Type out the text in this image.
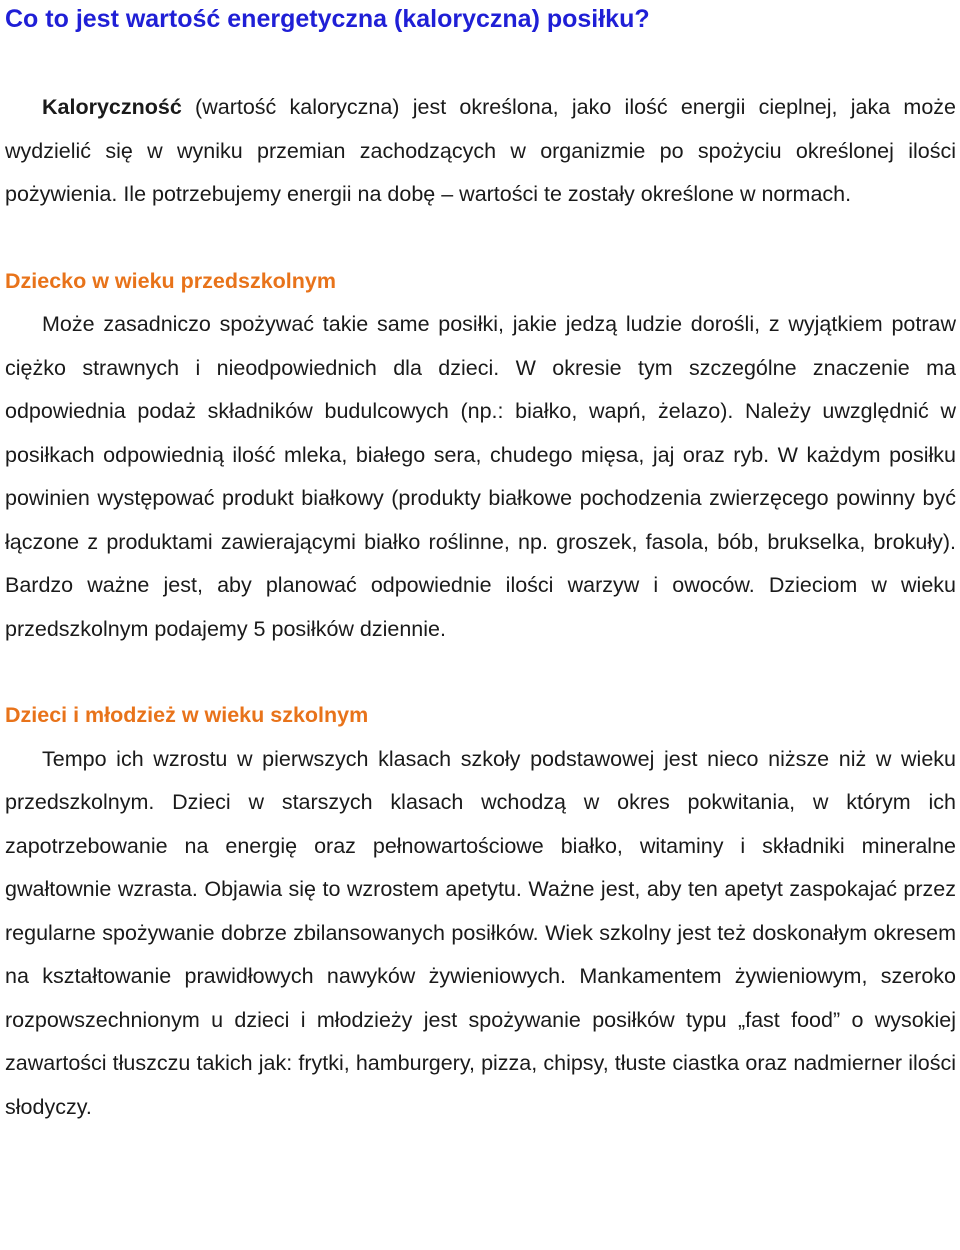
Co to jest wartość energetyczna (kaloryczna) posiłku?

Kaloryczność (wartość kaloryczna) jest określona, jako ilość energii cieplnej, jaka może wydzielić się w wyniku przemian zachodzących w organizmie po spożyciu określonej ilości pożywienia. Ile potrzebujemy energii na dobę – wartości te zostały określone w normach.

Dziecko w wieku przedszkolnym

Może zasadniczo spożywać takie same posiłki, jakie jedzą ludzie dorośli, z wyjątkiem potraw ciężko strawnych i nieodpowiednich dla dzieci. W okresie tym szczególne znaczenie ma odpowiednia podaż składników budulcowych (np.: białko, wapń, żelazo). Należy uwzględnić w posiłkach odpowiednią ilość mleka, białego sera, chudego mięsa, jaj oraz ryb. W każdym posiłku powinien występować produkt białkowy (produkty białkowe pochodzenia zwierzęcego powinny być łączone z produktami zawierającymi białko roślinne, np. groszek, fasola, bób, brukselka, brokuły). Bardzo ważne jest, aby planować odpowiednie ilości warzyw i owoców. Dzieciom w wieku przedszkolnym podajemy 5 posiłków dziennie.

Dzieci i młodzież w wieku szkolnym

Tempo ich wzrostu w pierwszych klasach szkoły podstawowej jest nieco niższe niż w wieku przedszkolnym. Dzieci w starszych klasach wchodzą w okres pokwitania, w którym ich zapotrzebowanie na energię oraz pełnowartościowe białko, witaminy i składniki mineralne gwałtownie wzrasta. Objawia się to wzrostem apetytu. Ważne jest, aby ten apetyt zaspokajać przez regularne spożywanie dobrze zbilansowanych posiłków. Wiek szkolny jest też doskonałym okresem na kształtowanie prawidłowych nawyków żywieniowych. Mankamentem żywieniowym, szeroko rozpowszechnionym u dzieci i młodzieży jest spożywanie posiłków typu „fast food” o wysokiej zawartości tłuszczu takich jak: frytki, hamburgery, pizza, chipsy, tłuste ciastka oraz nadmierner ilości słodyczy.
